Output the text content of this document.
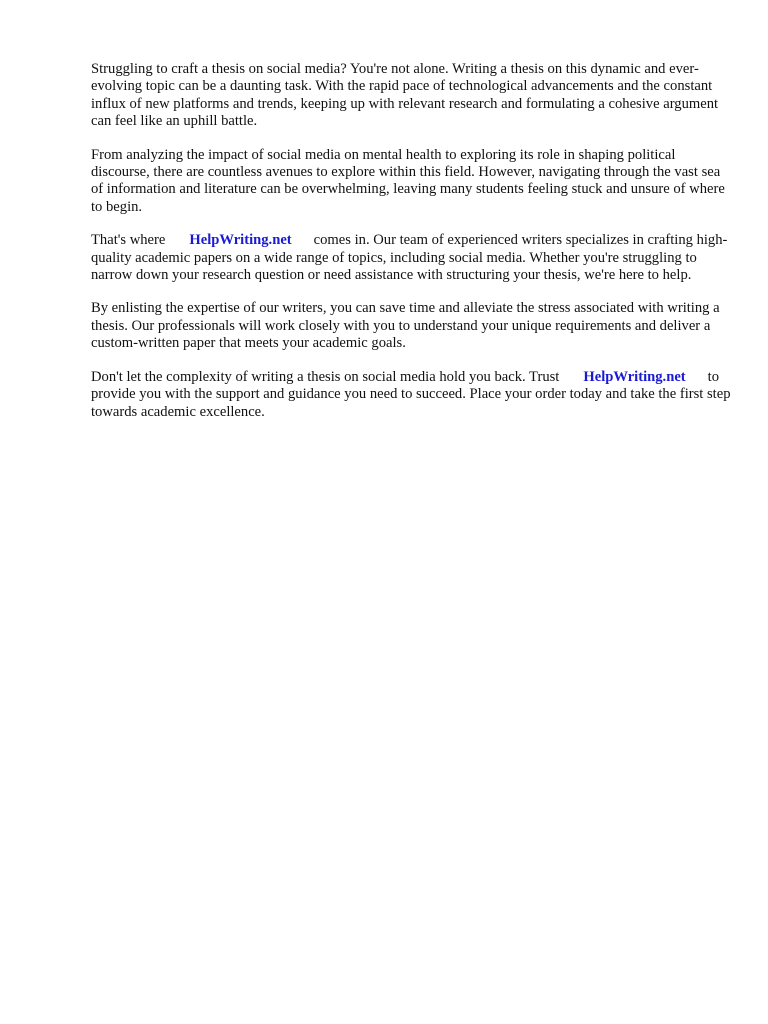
Struggling to craft a thesis on social media? You're not alone. Writing a thesis on this dynamic and ever-evolving topic can be a daunting task. With the rapid pace of technological advancements and the constant influx of new platforms and trends, keeping up with relevant research and formulating a cohesive argument can feel like an uphill battle.

From analyzing the impact of social media on mental health to exploring its role in shaping political discourse, there are countless avenues to explore within this field. However, navigating through the vast sea of information and literature can be overwhelming, leaving many students feeling stuck and unsure of where to begin.

That's where HelpWriting.net comes in. Our team of experienced writers specializes in crafting high-quality academic papers on a wide range of topics, including social media. Whether you're struggling to narrow down your research question or need assistance with structuring your thesis, we're here to help.

By enlisting the expertise of our writers, you can save time and alleviate the stress associated with writing a thesis. Our professionals will work closely with you to understand your unique requirements and deliver a custom-written paper that meets your academic goals.

Don't let the complexity of writing a thesis on social media hold you back. Trust HelpWriting.net to provide you with the support and guidance you need to succeed. Place your order today and take the first step towards academic excellence.
